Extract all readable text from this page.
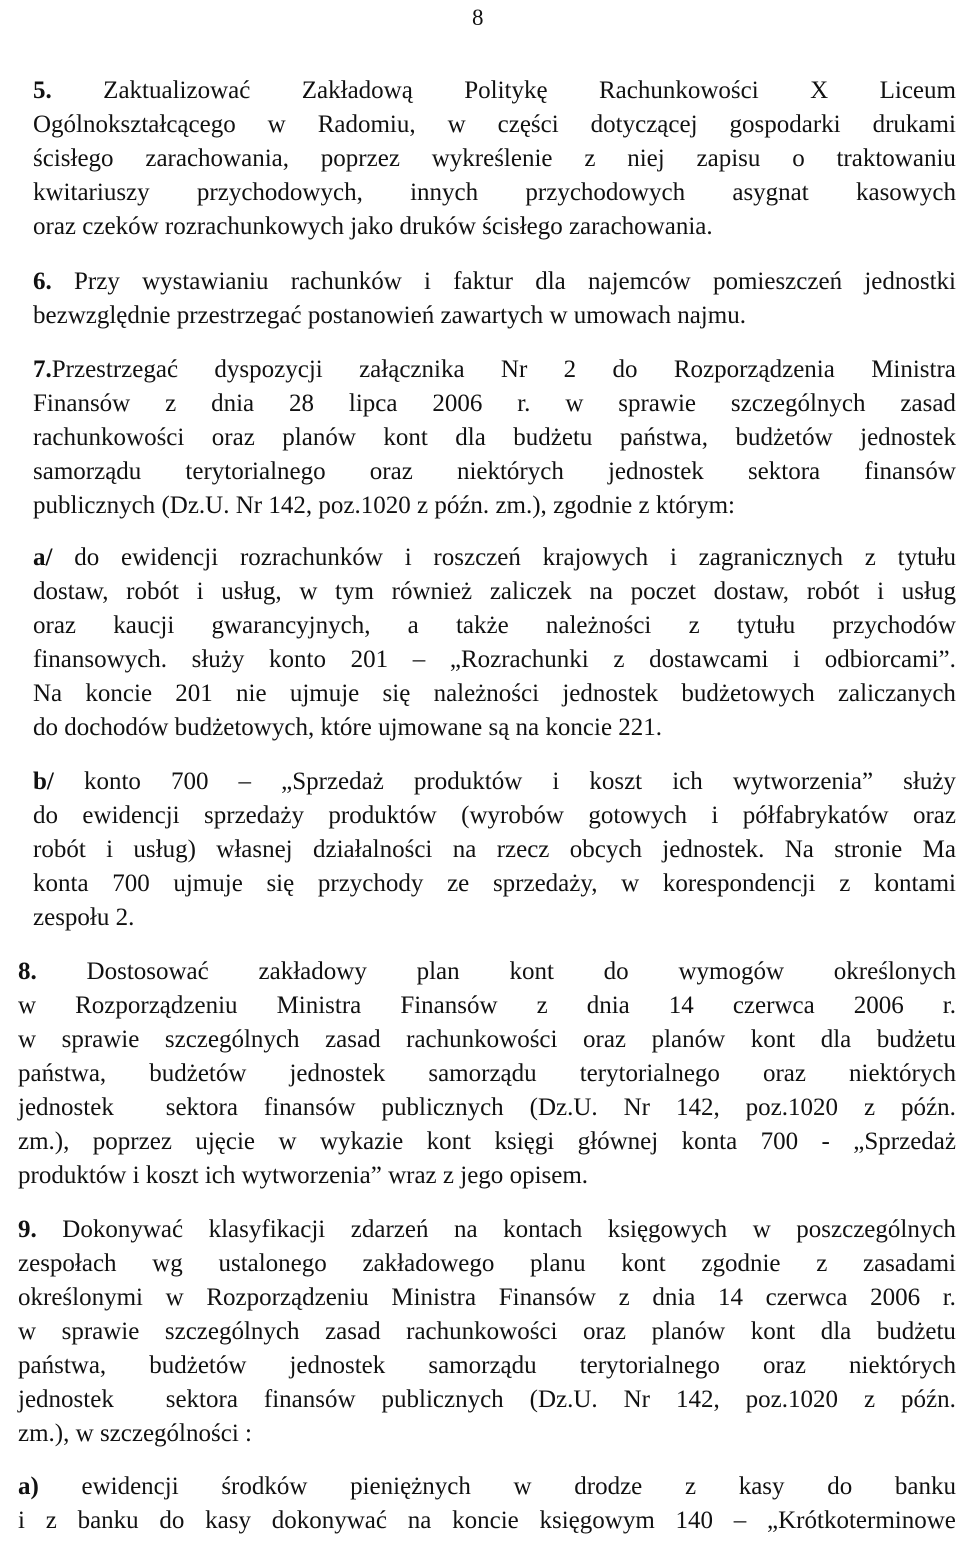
8
5. Zaktualizować Zakładową Politykę Rachunkowości X Liceum
Ogólnokształcącego w Radomiu, w części dotyczącej gospodarki drukami
ścisłego zarachowania, poprzez wykreślenie z niej zapisu o traktowaniu
kwitariuszy przychodowych, innych przychodowych asygnat kasowych
oraz czeków rozrachunkowych jako druków ścisłego zarachowania.
6. Przy wystawianiu rachunków i faktur dla najemców pomieszczeń jednostki
bezwzględnie przestrzegać postanowień zawartych w umowach najmu.
7.Przestrzegać dyspozycji załącznika Nr 2 do Rozporządzenia Ministra
Finansów z dnia 28 lipca 2006 r. w sprawie szczególnych zasad
rachunkowości oraz planów kont dla budżetu państwa, budżetów jednostek
samorządu terytorialnego oraz niektórych jednostek sektora finansów
publicznych (Dz.U. Nr 142, poz.1020 z późn. zm.), zgodnie z którym:
a/ do ewidencji rozrachunków i roszczeń krajowych i zagranicznych z tytułu
dostaw, robót i usług, w tym również zaliczek na poczet dostaw, robót i usług
oraz kaucji gwarancyjnych, a także należności z tytułu przychodów
finansowych. służy konto 201 – „Rozrachunki z dostawcami i odbiorcami”.
Na koncie 201 nie ujmuje się należności jednostek budżetowych zaliczanych
do dochodów budżetowych, które ujmowane są na koncie 221.
b/ konto 700 – „Sprzedaż produktów i koszt ich wytworzenia” służy
do ewidencji sprzedaży produktów (wyrobów gotowych i półfabrykatów oraz
robót i usług) własnej działalności na rzecz obcych jednostek. Na stronie Ma
konta 700 ujmuje się przychody ze sprzedaży, w korespondencji z kontami
zespołu 2.
8. Dostosować zakładowy plan kont do wymogów określonych
w Rozporządzeniu Ministra Finansów z dnia 14 czerwca 2006 r.
w sprawie szczególnych zasad rachunkowości oraz planów kont dla budżetu
państwa, budżetów jednostek samorządu terytorialnego oraz niektórych
jednostek sektora finansów publicznych (Dz.U. Nr 142, poz.1020 z późn.
zm.), poprzez ujęcie w wykazie kont księgi głównej konta 700 - „Sprzedaż
produktów i koszt ich wytworzenia” wraz z jego opisem.
9. Dokonywać klasyfikacji zdarzeń na kontach księgowych w poszczególnych
zespołach wg ustalonego zakładowego planu kont zgodnie z zasadami
określonymi w Rozporządzeniu Ministra Finansów z dnia 14 czerwca 2006 r.
w sprawie szczególnych zasad rachunkowości oraz planów kont dla budżetu
państwa, budżetów jednostek samorządu terytorialnego oraz niektórych
jednostek sektora finansów publicznych (Dz.U. Nr 142, poz.1020 z późn.
zm.), w szczególności :
a) ewidencji środków pieniężnych w drodze z kasy do banku
i z banku do kasy dokonywać na koncie księgowym 140 – „Krótkoterminowe
